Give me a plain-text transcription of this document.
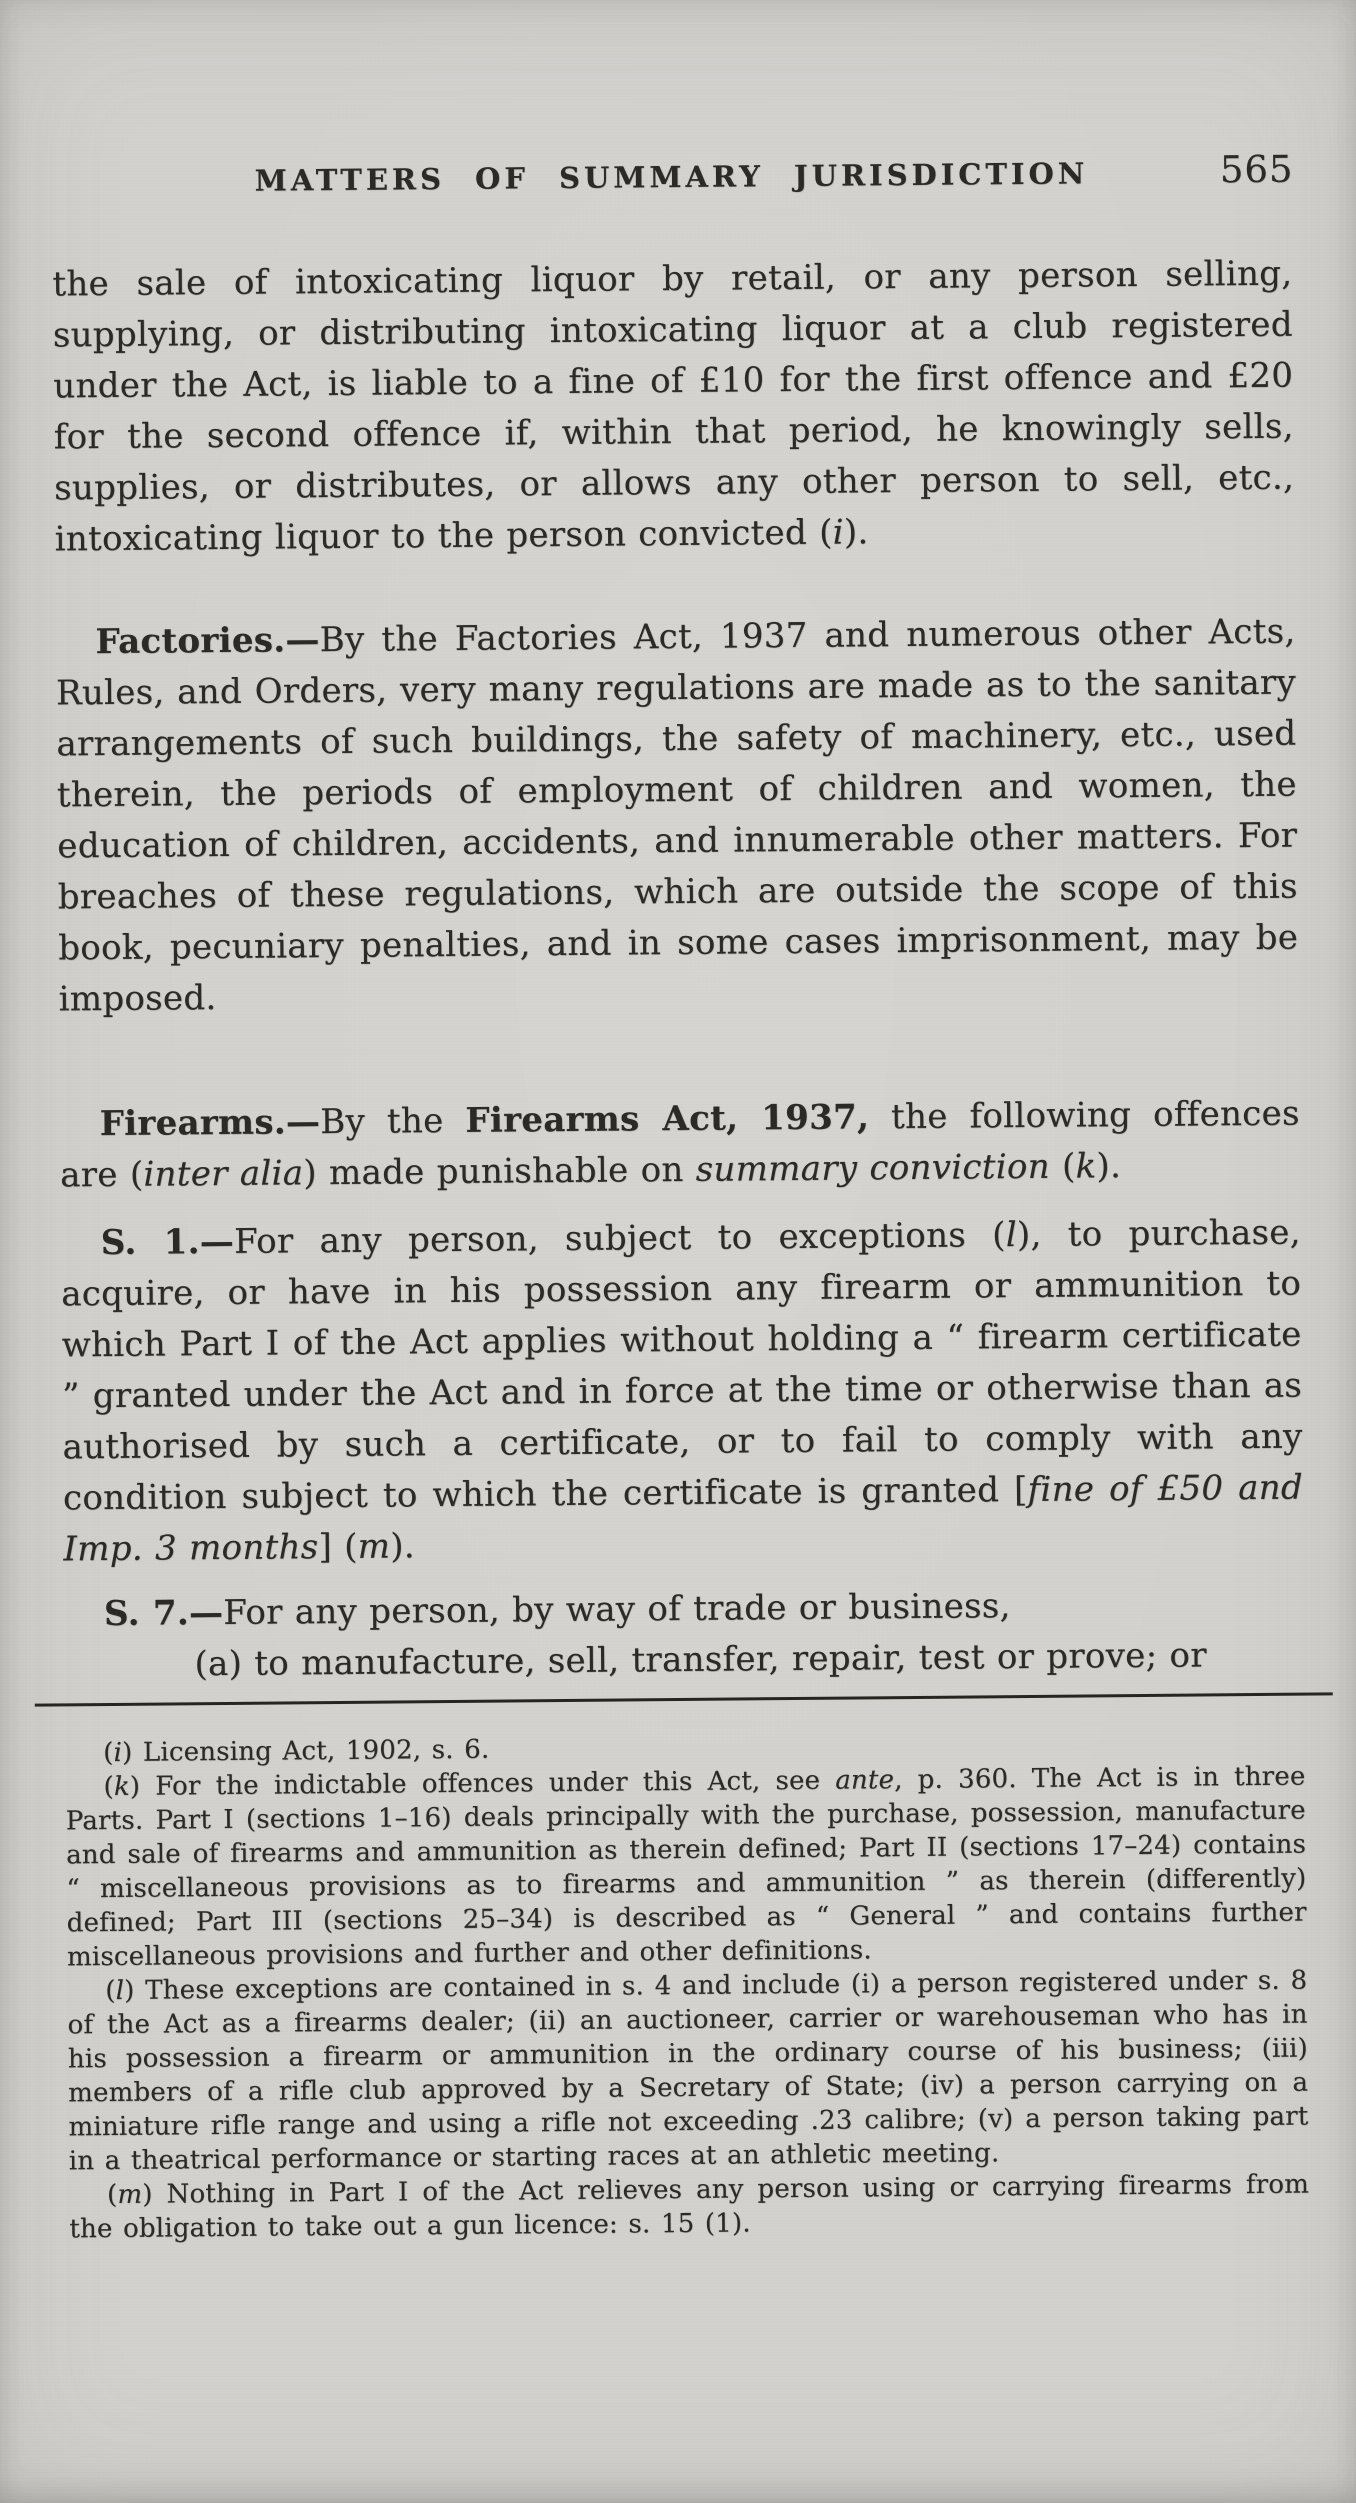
MATTERS OF SUMMARY JURISDICTION	565

the sale of intoxicating liquor by retail, or any person selling, supplying, or distributing intoxicating liquor at a club registered under the Act, is liable to a fine of £10 for the first offence and £20 for the second offence if, within that period, he knowingly sells, supplies, or distributes, or allows any other person to sell, etc., intoxicating liquor to the person convicted (i).

Factories.—By the Factories Act, 1937 and numerous other Acts, Rules, and Orders, very many regulations are made as to the sanitary arrangements of such buildings, the safety of machinery, etc., used therein, the periods of employment of children and women, the education of children, accidents, and innumerable other matters. For breaches of these regulations, which are outside the scope of this book, pecuniary penalties, and in some cases imprisonment, may be imposed.

Firearms.—By the Firearms Act, 1937, the following offences are (inter alia) made punishable on summary conviction (k).

S. 1.—For any person, subject to exceptions (l), to purchase, acquire, or have in his possession any firearm or ammunition to which Part I of the Act applies without holding a “ firearm certificate ” granted under the Act and in force at the time or otherwise than as authorised by such a certificate, or to fail to comply with any condition subject to which the certificate is granted [fine of £50 and Imp. 3 months] (m).

S. 7.—For any person, by way of trade or business,

(a) to manufacture, sell, transfer, repair, test or prove; or

(i) Licensing Act, 1902, s. 6.

(k) For the indictable offences under this Act, see ante, p. 360. The Act is in three Parts. Part I (sections 1–16) deals principally with the purchase, possession, manufacture and sale of firearms and ammunition as therein defined; Part II (sections 17–24) contains “ miscellaneous provisions as to firearms and ammunition ” as therein (differently) defined; Part III (sections 25–34) is described as “ General ” and contains further miscellaneous provisions and further and other definitions.

(l) These exceptions are contained in s. 4 and include (i) a person registered under s. 8 of the Act as a firearms dealer; (ii) an auctioneer, carrier or warehouseman who has in his possession a firearm or ammunition in the ordinary course of his business; (iii) members of a rifle club approved by a Secretary of State; (iv) a person carrying on a miniature rifle range and using a rifle not exceeding .23 calibre; (v) a person taking part in a theatrical performance or starting races at an athletic meeting.

(m) Nothing in Part I of the Act relieves any person using or carrying firearms from the obligation to take out a gun licence: s. 15 (1).
